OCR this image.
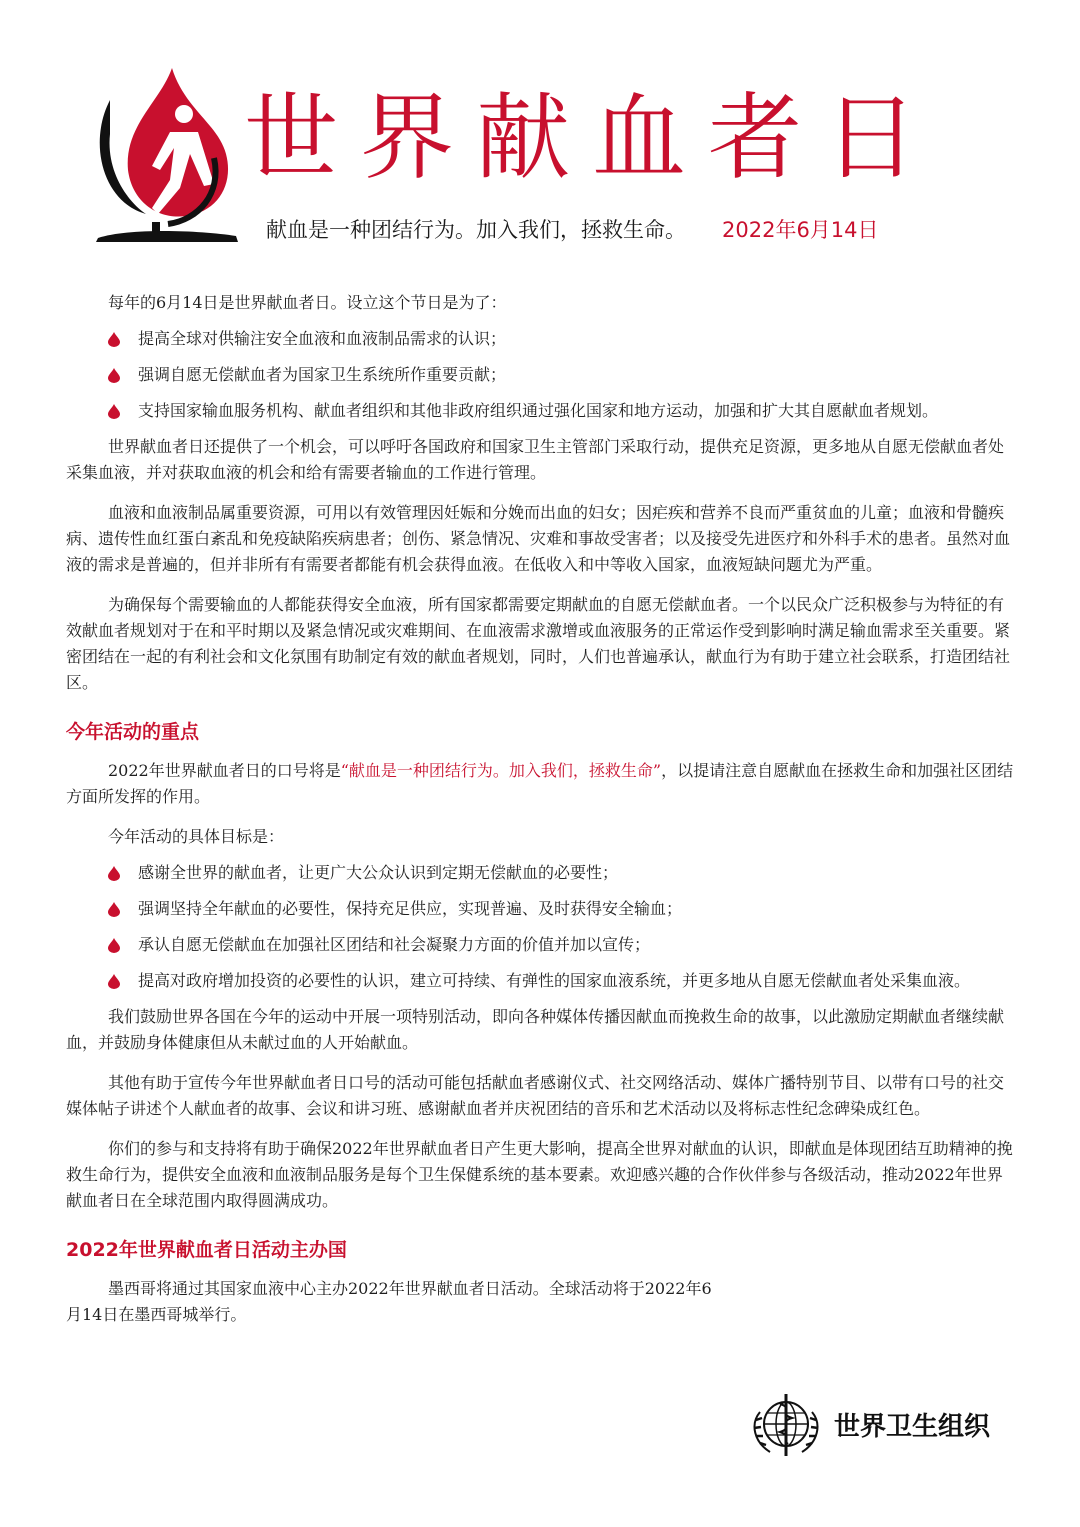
世界献血者日
献血是一种团结行为。加入我们，拯救生命。 2022年6月14日

每年的6月14日是世界献血者日。设立这个节日是为了：

提高全球对供输注安全血液和血液制品需求的认识；
强调自愿无偿献血者为国家卫生系统所作重要贡献；
支持国家输血服务机构、献血者组织和其他非政府组织通过强化国家和地方运动，加强和扩大其自愿献血者规划。

世界献血者日还提供了一个机会，可以呼吁各国政府和国家卫生主管部门采取行动，提供充足资源，更多地从自愿无偿献血者处采集血液，并对获取血液的机会和给有需要者输血的工作进行管理。

血液和血液制品属重要资源，可用以有效管理因妊娠和分娩而出血的妇女；因疟疾和营养不良而严重贫血的儿童；血液和骨髓疾病、遗传性血红蛋白紊乱和免疫缺陷疾病患者；创伤、紧急情况、灾难和事故受害者；以及接受先进医疗和外科手术的患者。虽然对血液的需求是普遍的，但并非所有有需要者都能有机会获得血液。在低收入和中等收入国家，血液短缺问题尤为严重。

为确保每个需要输血的人都能获得安全血液，所有国家都需要定期献血的自愿无偿献血者。一个以民众广泛积极参与为特征的有效献血者规划对于在和平时期以及紧急情况或灾难期间、在血液需求激增或血液服务的正常运作受到影响时满足输血需求至关重要。紧密团结在一起的有利社会和文化氛围有助制定有效的献血者规划，同时，人们也普遍承认，献血行为有助于建立社会联系，打造团结社区。

今年活动的重点

2022年世界献血者日的口号将是“献血是一种团结行为。加入我们，拯救生命”，以提请注意自愿献血在拯救生命和加强社区团结方面所发挥的作用。

今年活动的具体目标是：

感谢全世界的献血者，让更广大公众认识到定期无偿献血的必要性；
强调坚持全年献血的必要性，保持充足供应，实现普遍、及时获得安全输血；
承认自愿无偿献血在加强社区团结和社会凝聚力方面的价值并加以宣传；
提高对政府增加投资的必要性的认识，建立可持续、有弹性的国家血液系统，并更多地从自愿无偿献血者处采集血液。

我们鼓励世界各国在今年的运动中开展一项特别活动，即向各种媒体传播因献血而挽救生命的故事，以此激励定期献血者继续献血，并鼓励身体健康但从未献过血的人开始献血。

其他有助于宣传今年世界献血者日口号的活动可能包括献血者感谢仪式、社交网络活动、媒体广播特别节目、以带有口号的社交媒体帖子讲述个人献血者的故事、会议和讲习班、感谢献血者并庆祝团结的音乐和艺术活动以及将标志性纪念碑染成红色。

你们的参与和支持将有助于确保2022年世界献血者日产生更大影响，提高全世界对献血的认识，即献血是体现团结互助精神的挽救生命行为，提供安全血液和血液制品服务是每个卫生保健系统的基本要素。欢迎感兴趣的合作伙伴参与各级活动，推动2022年世界献血者日在全球范围内取得圆满成功。

2022年世界献血者日活动主办国

墨西哥将通过其国家血液中心主办2022年世界献血者日活动。全球活动将于2022年6月14日在墨西哥城举行。

世界卫生组织
